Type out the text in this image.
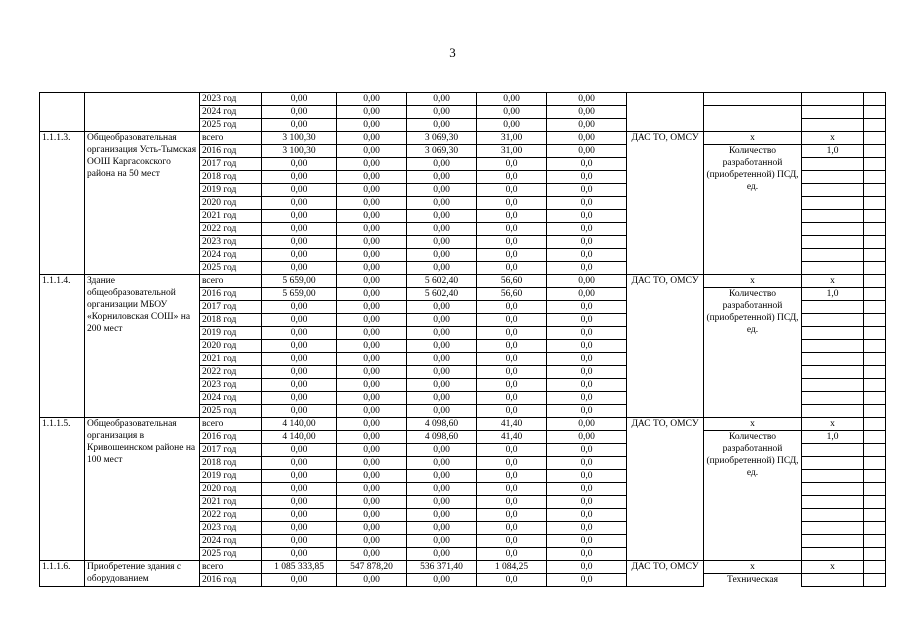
3
		2023 год	0,00	0,00	0,00	0,00	0,00				
		2024 год	0,00	0,00	0,00	0,00	0,00				
		2025 год	0,00	0,00	0,00	0,00	0,00				
1.1.1.3.	Общеобразовательная организация Усть-Тымская ООШ Каргасокского района на 50 мест	всего	3 100,30	0,00	3 069,30	31,00	0,00	ДАС ТО, ОМСУ	x	x	
		2016 год	3 100,30	0,00	3 069,30	31,00	0,00		Количество разработанной (приобретенной) ПСД, ед.	1,0	
		2017 год	0,00	0,00	0,00	0,0	0,0				
		2018 год	0,00	0,00	0,00	0,0	0,0				
		2019 год	0,00	0,00	0,00	0,0	0,0				
		2020 год	0,00	0,00	0,00	0,0	0,0				
		2021 год	0,00	0,00	0,00	0,0	0,0				
		2022 год	0,00	0,00	0,00	0,0	0,0				
		2023 год	0,00	0,00	0,00	0,0	0,0				
		2024 год	0,00	0,00	0,00	0,0	0,0				
		2025 год	0,00	0,00	0,00	0,0	0,0				
1.1.1.4.	Здание общеобразовательной организации МБОУ «Корниловская СОШ» на 200 мест	всего	5 659,00	0,00	5 602,40	56,60	0,00	ДАС ТО, ОМСУ	x	x	
		2016 год	5 659,00	0,00	5 602,40	56,60	0,00		Количество разработанной (приобретенной) ПСД, ед.	1,0	
		2017 год	0,00	0,00	0,00	0,0	0,0				
		2018 год	0,00	0,00	0,00	0,0	0,0				
		2019 год	0,00	0,00	0,00	0,0	0,0				
		2020 год	0,00	0,00	0,00	0,0	0,0				
		2021 год	0,00	0,00	0,00	0,0	0,0				
		2022 год	0,00	0,00	0,00	0,0	0,0				
		2023 год	0,00	0,00	0,00	0,0	0,0				
		2024 год	0,00	0,00	0,00	0,0	0,0				
		2025 год	0,00	0,00	0,00	0,0	0,0				
1.1.1.5.	Общеобразовательная организация в Кривошеинском районе на 100 мест	всего	4 140,00	0,00	4 098,60	41,40	0,00	ДАС ТО, ОМСУ	x	x	
		2016 год	4 140,00	0,00	4 098,60	41,40	0,00		Количество разработанной (приобретенной) ПСД, ед.	1,0	
		2017 год	0,00	0,00	0,00	0,0	0,0				
		2018 год	0,00	0,00	0,00	0,0	0,0				
		2019 год	0,00	0,00	0,00	0,0	0,0				
		2020 год	0,00	0,00	0,00	0,0	0,0				
		2021 год	0,00	0,00	0,00	0,0	0,0				
		2022 год	0,00	0,00	0,00	0,0	0,0				
		2023 год	0,00	0,00	0,00	0,0	0,0				
		2024 год	0,00	0,00	0,00	0,0	0,0				
		2025 год	0,00	0,00	0,00	0,0	0,0				
1.1.1.6.	Приобретение здания с оборудованием	всего	1 085 333,85	547 878,20	536 371,40	1 084,25	0,0	ДАС ТО, ОМСУ	x	x	
		2016 год	0,00	0,00	0,00	0,0	0,0		Техническая		
